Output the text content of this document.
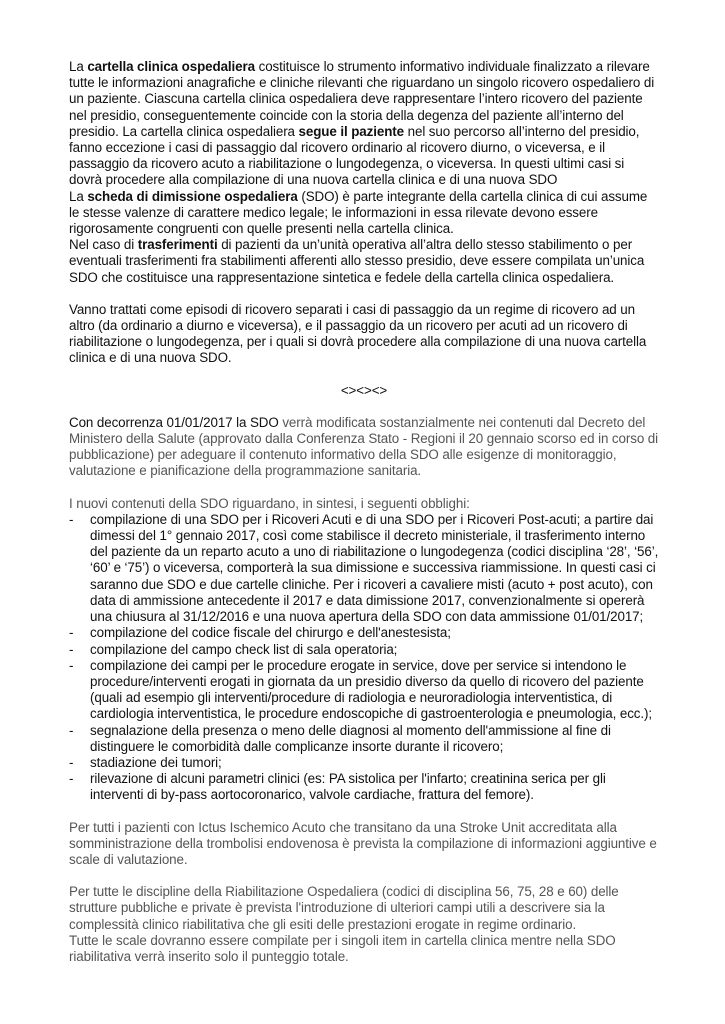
La cartella clinica ospedaliera costituisce lo strumento informativo individuale finalizzato a rilevare tutte le informazioni anagrafiche e cliniche rilevanti che riguardano un singolo ricovero ospedaliero di un paziente. Ciascuna cartella clinica ospedaliera deve rappresentare l’intero ricovero del paziente nel presidio, conseguentemente coincide con la storia della degenza del paziente all’interno del presidio. La cartella clinica ospedaliera segue il paziente nel suo percorso all’interno del presidio, fanno eccezione i casi di passaggio dal ricovero ordinario al ricovero diurno, o viceversa, e il passaggio da ricovero acuto a riabilitazione o lungodegenza, o viceversa. In questi ultimi casi si dovrà procedere alla compilazione di una nuova cartella clinica e di una nuova SDO

La scheda di dimissione ospedaliera (SDO) è parte integrante della cartella clinica di cui assume le stesse valenze di carattere medico legale; le informazioni in essa rilevate devono essere rigorosamente congruenti con quelle presenti nella cartella clinica.

Nel caso di trasferimenti di pazienti da un’unità operativa all’altra dello stesso stabilimento o per eventuali trasferimenti fra stabilimenti afferenti allo stesso presidio, deve essere compilata un’unica SDO che costituisce una rappresentazione sintetica e fedele della cartella clinica ospedaliera.

Vanno trattati come episodi di ricovero separati i casi di passaggio da un regime di ricovero ad un altro (da ordinario a diurno e viceversa), e il passaggio da un ricovero per acuti ad un ricovero di riabilitazione o lungodegenza, per i quali si dovrà procedere alla compilazione di una nuova cartella clinica e di una nuova SDO.

<><><>

Con decorrenza 01/01/2017 la SDO verrà modificata sostanzialmente nei contenuti dal Decreto del Ministero della Salute (approvato dalla Conferenza Stato - Regioni il 20 gennaio scorso ed in corso di pubblicazione) per adeguare il contenuto informativo della SDO alle esigenze di monitoraggio, valutazione e pianificazione della programmazione sanitaria.

I nuovi contenuti della SDO riguardano, in sintesi, i seguenti obblighi:

- compilazione di una SDO per i Ricoveri Acuti e di una SDO per i Ricoveri Post-acuti; a partire dai dimessi del 1° gennaio 2017, così come stabilisce il decreto ministeriale, il trasferimento interno del paziente da un reparto acuto a uno di riabilitazione o lungodegenza (codici disciplina ‘28’, ‘56’, ‘60’ e ‘75’) o viceversa, comporterà la sua dimissione e successiva riammissione. In questi casi ci saranno due SDO e due cartelle cliniche. Per i ricoveri a cavaliere misti (acuto + post acuto), con data di ammissione antecedente il 2017 e data dimissione 2017, convenzionalmente si opererà una chiusura al 31/12/2016 e una nuova apertura della SDO con data ammissione 01/01/2017;
- compilazione del codice fiscale del chirurgo e dell'anestesista;
- compilazione del campo check list di sala operatoria;
- compilazione dei campi per le procedure erogate in service, dove per service si intendono le procedure/interventi erogati in giornata da un presidio diverso da quello di ricovero del paziente (quali ad esempio gli interventi/procedure di radiologia e neuroradiologia interventistica, di cardiologia interventistica, le procedure endoscopiche di gastroenterologia e pneumologia, ecc.);
- segnalazione della presenza o meno delle diagnosi al momento dell'ammissione al fine di distinguere le comorbidità dalle complicanze insorte durante il ricovero;
- stadiazione dei tumori;
- rilevazione di alcuni parametri clinici (es: PA sistolica per l'infarto; creatinina serica per gli interventi di by-pass aortocoronarico, valvole cardiache, frattura del femore).

Per tutti i pazienti con Ictus Ischemico Acuto che transitano da una Stroke Unit accreditata alla somministrazione della trombolisi endovenosa è prevista la compilazione di informazioni aggiuntive e scale di valutazione.

Per tutte le discipline della Riabilitazione Ospedaliera (codici di disciplina 56, 75, 28 e 60) delle strutture pubbliche e private è prevista l'introduzione di ulteriori campi utili a descrivere sia la complessità clinico riabilitativa che gli esiti delle prestazioni erogate in regime ordinario.

Tutte le scale dovranno essere compilate per i singoli item in cartella clinica mentre nella SDO riabilitativa verrà inserito solo il punteggio totale.
